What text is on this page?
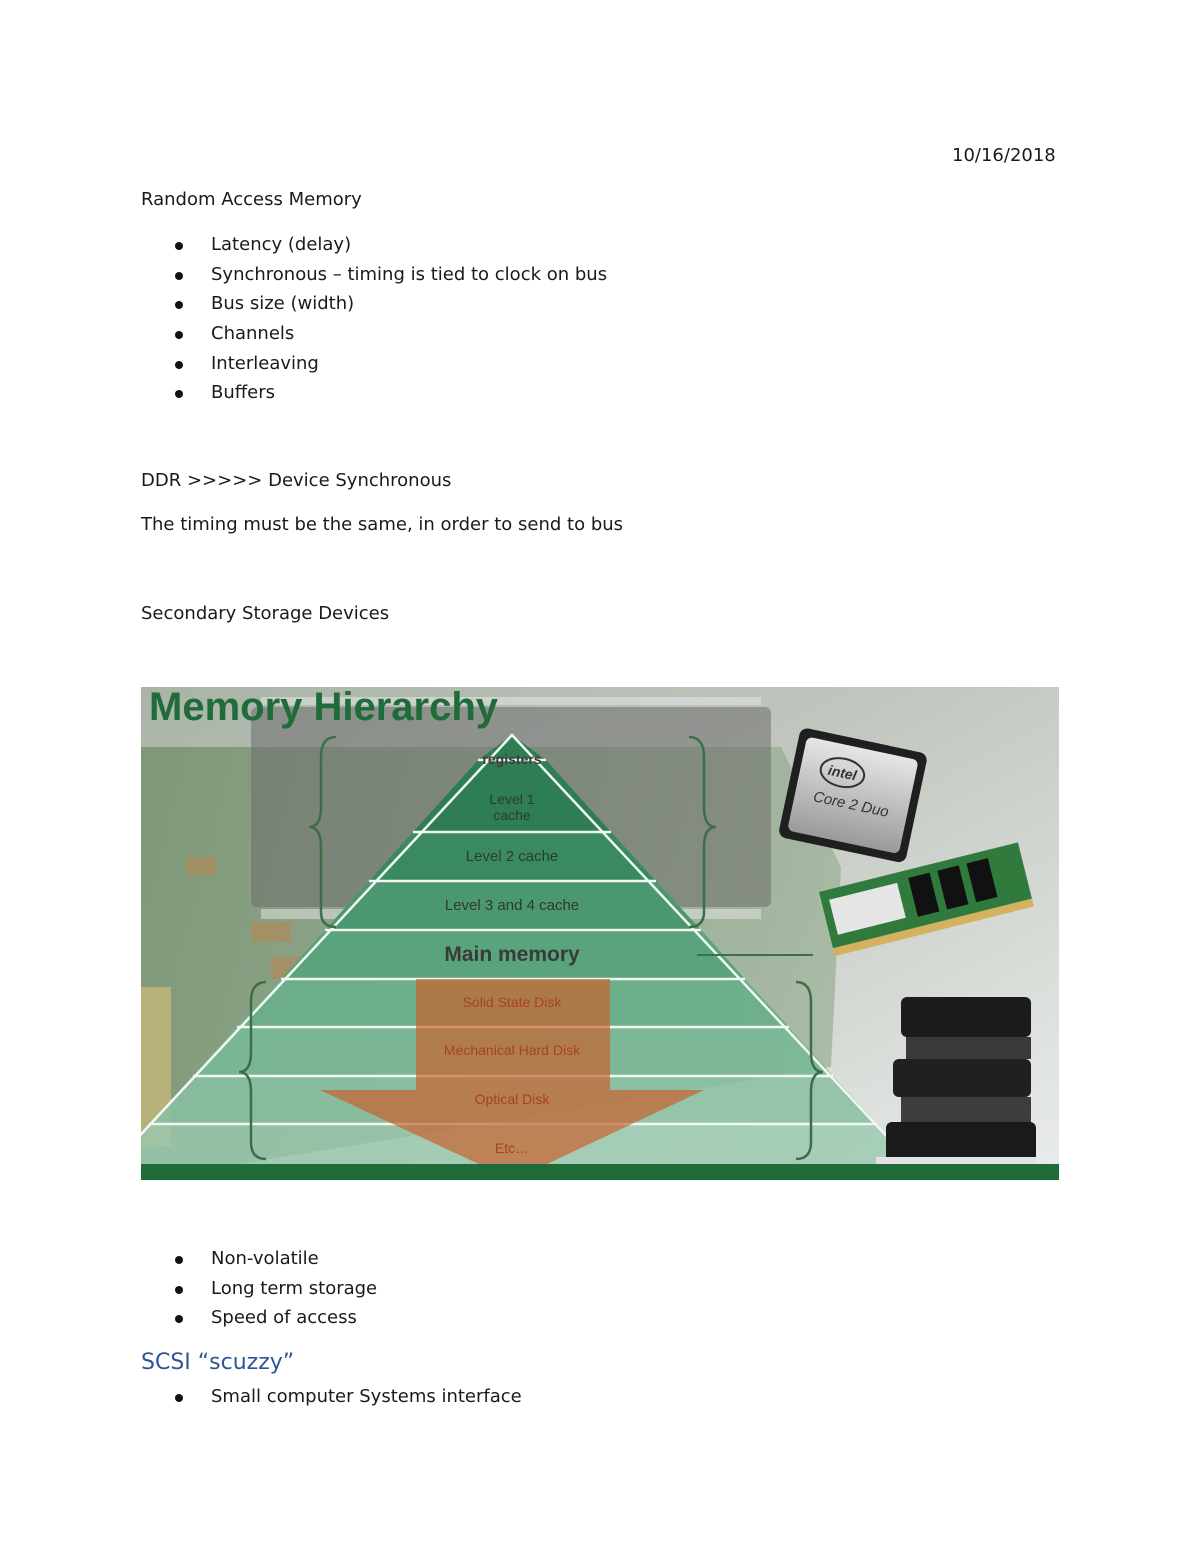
10/16/2018
Random Access Memory
Latency (delay)
Synchronous – timing is tied to clock on bus
Bus size (width)
Channels
Interleaving
Buffers
DDR >>>>> Device Synchronous
The timing must be the same, in order to send to bus
Secondary Storage Devices
Memory Hierarchy
registers
Level 1
cache
Level 2 cache
Level 3 and 4 cache
Main memory
Solid State Disk
Mechanical Hard Disk
Optical Disk
Etc…
intel
Core 2 Duo
Non-volatile
Long term storage
Speed of access
SCSI “scuzzy”
Small computer Systems interface
